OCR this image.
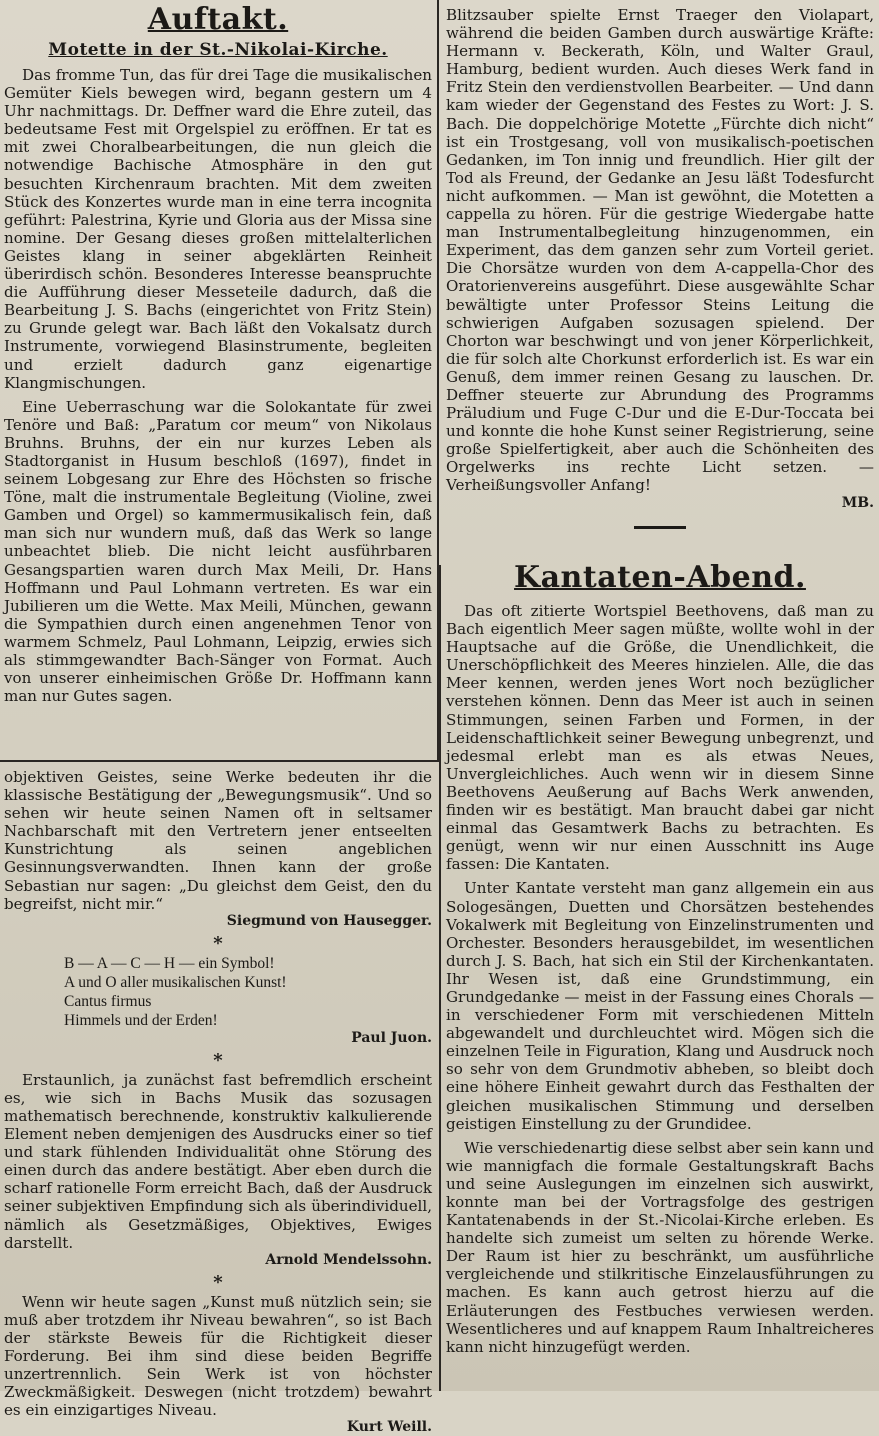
Auftakt.
Motette in der St.-Nikolai-Kirche.

Das fromme Tun, das für drei Tage die musikalischen Gemüter Kiels bewegen wird, begann gestern um 4 Uhr nachmittags. Dr. Deffner ward die Ehre zuteil, das bedeutsame Fest mit Orgelspiel zu eröffnen. Er tat es mit zwei Choralbearbeitungen, die nun gleich die notwendige Bachische Atmosphäre in den gut besuchten Kirchenraum brachten. Mit dem zweiten Stück des Konzertes wurde man in eine terra incognita geführt: Palestrina, Kyrie und Gloria aus der Missa sine nomine. Der Gesang dieses großen mittelalterlichen Geistes klang in seiner abgeklärten Reinheit überirdisch schön. Besonderes Interesse beanspruchte die Aufführung dieser Messeteile dadurch, daß die Bearbeitung J. S. Bachs (eingerichtet von Fritz Stein) zu Grunde gelegt war. Bach läßt den Vokalsatz durch Instrumente, vorwiegend Blasinstrumente, begleiten und erzielt dadurch ganz eigenartige Klangmischungen.

Eine Ueberraschung war die Solokantate für zwei Tenöre und Baß: „Paratum cor meum“ von Nikolaus Bruhns. Bruhns, der ein nur kurzes Leben als Stadtorganist in Husum beschloß (1697), findet in seinem Lobgesang zur Ehre des Höchsten so frische Töne, malt die instrumentale Begleitung (Violine, zwei Gamben und Orgel) so kammermusikalisch fein, daß man sich nur wundern muß, daß das Werk so lange unbeachtet blieb. Die nicht leicht ausführbaren Gesangspartien waren durch Max Meili, Dr. Hans Hoffmann und Paul Lohmann vertreten. Es war ein Jubilieren um die Wette. Max Meili, München, gewann die Sympathien durch einen angenehmen Tenor von warmem Schmelz, Paul Lohmann, Leipzig, erwies sich als stimmgewandter Bach-Sänger von Format. Auch von unserer einheimischen Größe Dr. Hoffmann kann man nur Gutes sagen.

Blitzsauber spielte Ernst Traeger den Violapart, während die beiden Gamben durch auswärtige Kräfte: Hermann v. Beckerath, Köln, und Walter Graul, Hamburg, bedient wurden. Auch dieses Werk fand in Fritz Stein den verdienstvollen Bearbeiter. — Und dann kam wieder der Gegenstand des Festes zu Wort: J. S. Bach. Die doppelchörige Motette „Fürchte dich nicht“ ist ein Trostgesang, voll von musikalisch-poetischen Gedanken, im Ton innig und freundlich. Hier gilt der Tod als Freund, der Gedanke an Jesu läßt Todesfurcht nicht aufkommen. — Man ist gewöhnt, die Motetten a cappella zu hören. Für die gestrige Wiedergabe hatte man Instrumentalbegleitung hinzugenommen, ein Experiment, das dem ganzen sehr zum Vorteil geriet. Die Chorsätze wurden von dem A-cappella-Chor des Oratorienvereins ausgeführt. Diese ausgewählte Schar bewältigte unter Professor Steins Leitung die schwierigen Aufgaben sozusagen spielend. Der Chorton war beschwingt und von jener Körperlichkeit, die für solch alte Chorkunst erforderlich ist. Es war ein Genuß, dem immer reinen Gesang zu lauschen. Dr. Deffner steuerte zur Abrundung des Programms Präludium und Fuge C-Dur und die E-Dur-Toccata bei und konnte die hohe Kunst seiner Registrierung, seine große Spielfertigkeit, aber auch die Schönheiten des Orgelwerks ins rechte Licht setzen. — Verheißungsvoller Anfang!

MB.
Kantaten-Abend.

Das oft zitierte Wortspiel Beethovens, daß man zu Bach eigentlich Meer sagen müßte, wollte wohl in der Hauptsache auf die Größe, die Unendlichkeit, die Unerschöpflichkeit des Meeres hinzielen. Alle, die das Meer kennen, werden jenes Wort noch bezüglicher verstehen können. Denn das Meer ist auch in seinen Stimmungen, seinen Farben und Formen, in der Leidenschaftlichkeit seiner Bewegung unbegrenzt, und jedesmal erlebt man es als etwas Neues, Unvergleichliches. Auch wenn wir in diesem Sinne Beethovens Aeußerung auf Bachs Werk anwenden, finden wir es bestätigt. Man braucht dabei gar nicht einmal das Gesamtwerk Bachs zu betrachten. Es genügt, wenn wir nur einen Ausschnitt ins Auge fassen: Die Kantaten.

Unter Kantate versteht man ganz allgemein ein aus Sologesängen, Duetten und Chorsätzen bestehendes Vokalwerk mit Begleitung von Einzelinstrumenten und Orchester. Besonders herausgebildet, im wesentlichen durch J. S. Bach, hat sich ein Stil der Kirchenkantaten. Ihr Wesen ist, daß eine Grundstimmung, ein Grundgedanke — meist in der Fassung eines Chorals — in verschiedener Form mit verschiedenen Mitteln abgewandelt und durchleuchtet wird. Mögen sich die einzelnen Teile in Figuration, Klang und Ausdruck noch so sehr von dem Grundmotiv abheben, so bleibt doch eine höhere Einheit gewahrt durch das Festhalten der gleichen musikalischen Stimmung und derselben geistigen Einstellung zu der Grundidee.

Wie verschiedenartig diese selbst aber sein kann und wie mannigfach die formale Gestaltungskraft Bachs und seine Auslegungen im einzelnen sich auswirkt, konnte man bei der Vortragsfolge des gestrigen Kantatenabends in der St.-Nicolai-Kirche erleben. Es handelte sich zumeist um selten zu hörende Werke. Der Raum ist hier zu beschränkt, um ausführliche vergleichende und stilkritische Einzelausführungen zu machen. Es kann auch getrost hierzu auf die Erläuterungen des Festbuches verwiesen werden. Wesentlicheres und auf knappem Raum Inhaltreicheres kann nicht hinzugefügt werden.

objektiven Geistes, seine Werke bedeuten ihr die klassische Bestätigung der „Bewegungsmusik“. Und so sehen wir heute seinen Namen oft in seltsamer Nachbarschaft mit den Vertretern jener entseelten Kunstrichtung als seinen angeblichen Gesinnungsverwandten. Ihnen kann der große Sebastian nur sagen: „Du gleichst dem Geist, den du begreifst, nicht mir.“

Siegmund von Hausegger.
*
B — A — C — H — ein Symbol!
A und O aller musikalischen Kunst!
Cantus firmus
Himmels und der Erden!
Paul Juon.
*

Erstaunlich, ja zunächst fast befremdlich erscheint es, wie sich in Bachs Musik das sozusagen mathematisch berechnende, konstruktiv kalkulierende Element neben demjenigen des Ausdrucks einer so tief und stark fühlenden Individualität ohne Störung des einen durch das andere bestätigt. Aber eben durch die scharf rationelle Form erreicht Bach, daß der Ausdruck seiner subjektiven Empfindung sich als überindividuell, nämlich als Gesetzmäßiges, Objektives, Ewiges darstellt.

Arnold Mendelssohn.
*

Wenn wir heute sagen „Kunst muß nützlich sein; sie muß aber trotzdem ihr Niveau bewahren“, so ist Bach der stärkste Beweis für die Richtigkeit dieser Forderung. Bei ihm sind diese beiden Begriffe unzertrennlich. Sein Werk ist von höchster Zweckmäßigkeit. Deswegen (nicht trotzdem) bewahrt es ein einzigartiges Niveau.

Kurt Weill.
